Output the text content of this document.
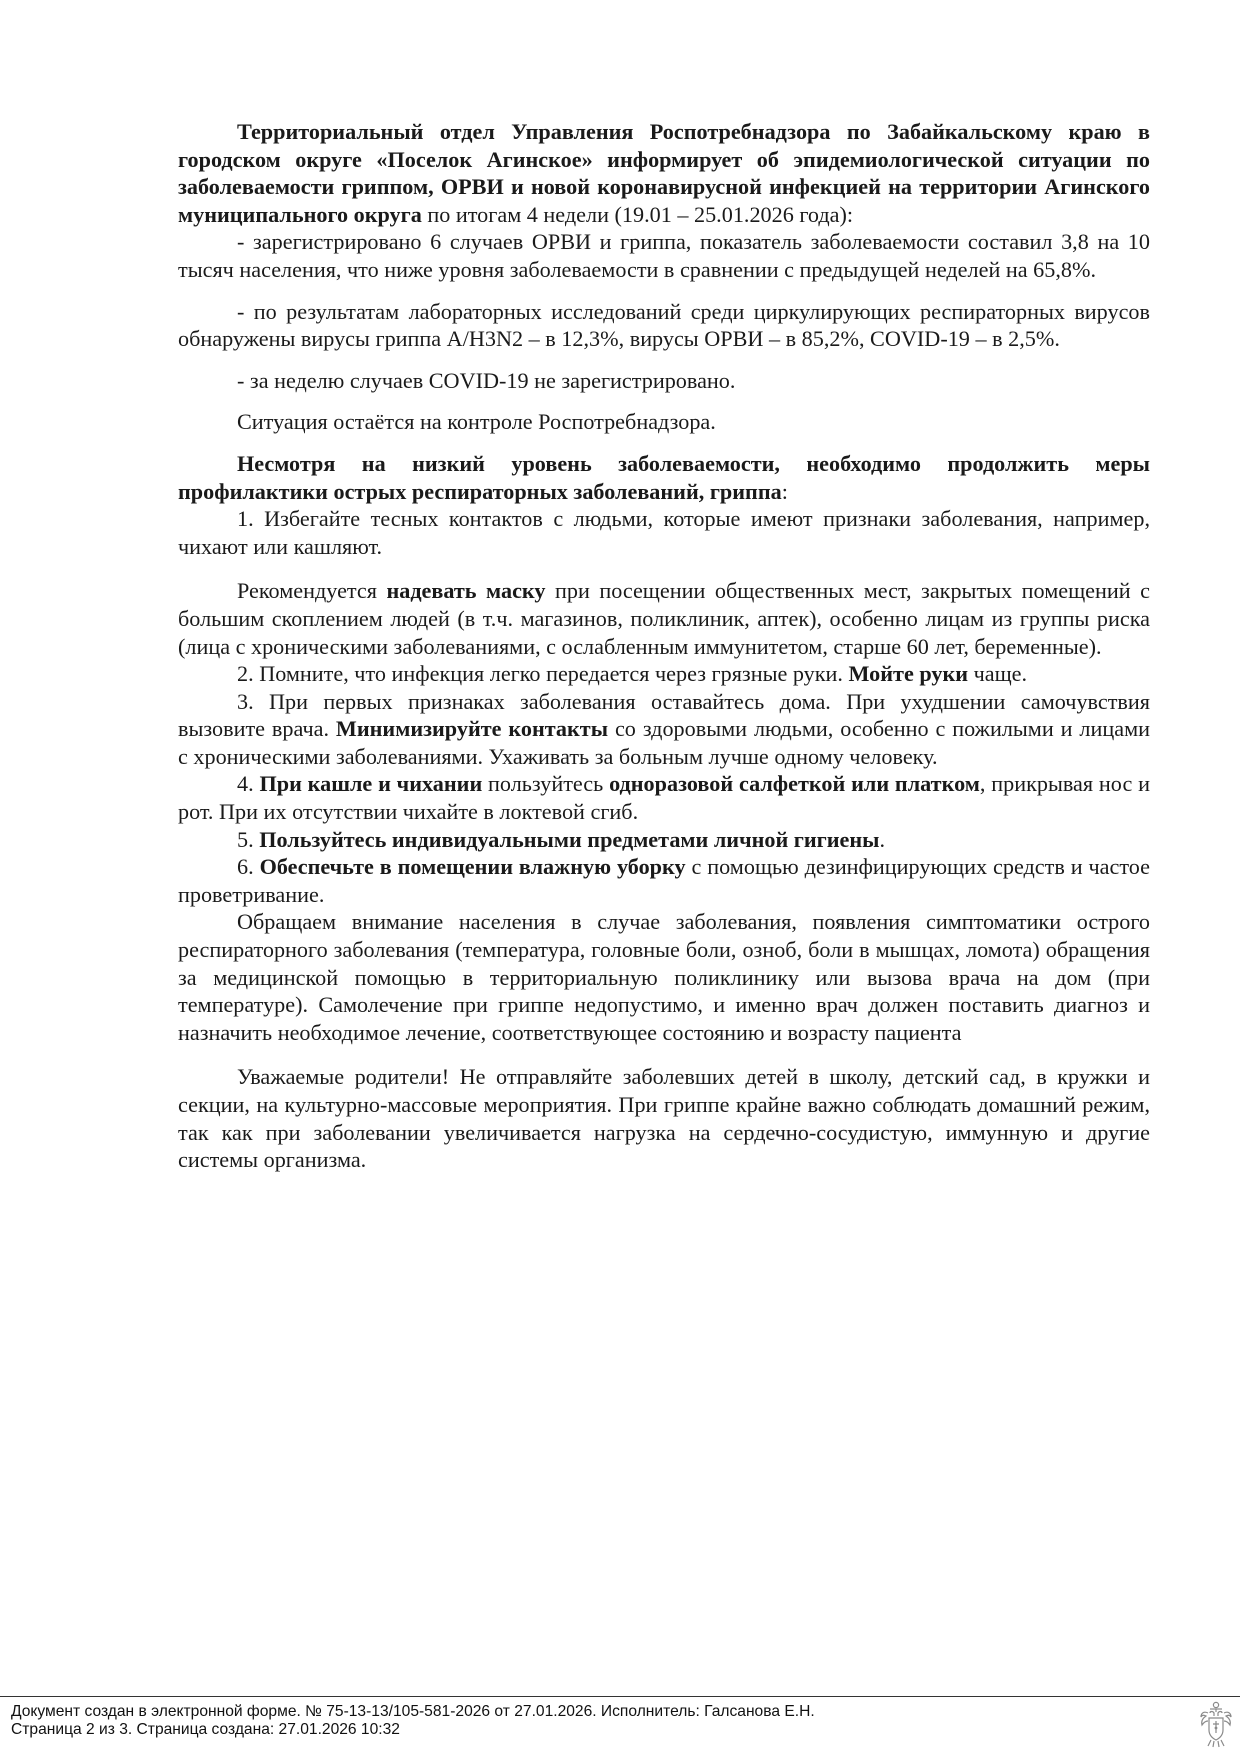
Территориальный отдел Управления Роспотребнадзора по Забайкальскому краю в городском округе «Поселок Агинское» информирует об эпидемиологической ситуации по заболеваемости гриппом, ОРВИ и новой коронавирусной инфекцией на территории Агинского муниципального округа по итогам 4 недели (19.01 – 25.01.2026 года):

- зарегистрировано 6 случаев ОРВИ и гриппа, показатель заболеваемости составил 3,8 на 10 тысяч населения, что ниже уровня заболеваемости в сравнении с предыдущей неделей на 65,8%.

- по результатам лабораторных исследований среди циркулирующих респираторных вирусов обнаружены вирусы гриппа А/H3N2 – в 12,3%, вирусы ОРВИ – в 85,2%, COVID-19 – в 2,5%.

- за неделю случаев COVID-19 не зарегистрировано.

Ситуация остаётся на контроле Роспотребнадзора.

Несмотря на низкий уровень заболеваемости, необходимо продолжить меры профилактики острых респираторных заболеваний, гриппа:

1. Избегайте тесных контактов с людьми, которые имеют признаки заболевания, например, чихают или кашляют.

Рекомендуется надевать маску при посещении общественных мест, закрытых помещений с большим скоплением людей (в т.ч. магазинов, поликлиник, аптек), особенно лицам из группы риска (лица с хроническими заболеваниями, с ослабленным иммунитетом, старше 60 лет, беременные).

2. Помните, что инфекция легко передается через грязные руки. Мойте руки чаще.

3. При первых признаках заболевания оставайтесь дома. При ухудшении самочувствия вызовите врача. Минимизируйте контакты со здоровыми людьми, особенно с пожилыми и лицами с хроническими заболеваниями. Ухаживать за больным лучше одному человеку.

4. При кашле и чихании пользуйтесь одноразовой салфеткой или платком, прикрывая нос и рот. При их отсутствии чихайте в локтевой сгиб.

5. Пользуйтесь индивидуальными предметами личной гигиены.

6. Обеспечьте в помещении влажную уборку с помощью дезинфицирующих средств и частое проветривание.

Обращаем внимание населения в случае заболевания, появления симптоматики острого респираторного заболевания (температура, головные боли, озноб, боли в мышцах, ломота) обращения за медицинской помощью в территориальную поликлинику или вызова врача на дом (при температуре). Самолечение при гриппе недопустимо, и именно врач должен поставить диагноз и назначить необходимое лечение, соответствующее состоянию и возрасту пациента

Уважаемые родители! Не отправляйте заболевших детей в школу, детский сад, в кружки и секции, на культурно-массовые мероприятия. При гриппе крайне важно соблюдать домашний режим, так как при заболевании увеличивается нагрузка на сердечно-сосудистую, иммунную и другие системы организма.

Документ создан в электронной форме. № 75-13-13/105-581-2026 от 27.01.2026. Исполнитель: Галсанова Е.Н.
Страница 2 из 3. Страница создана: 27.01.2026 10:32
